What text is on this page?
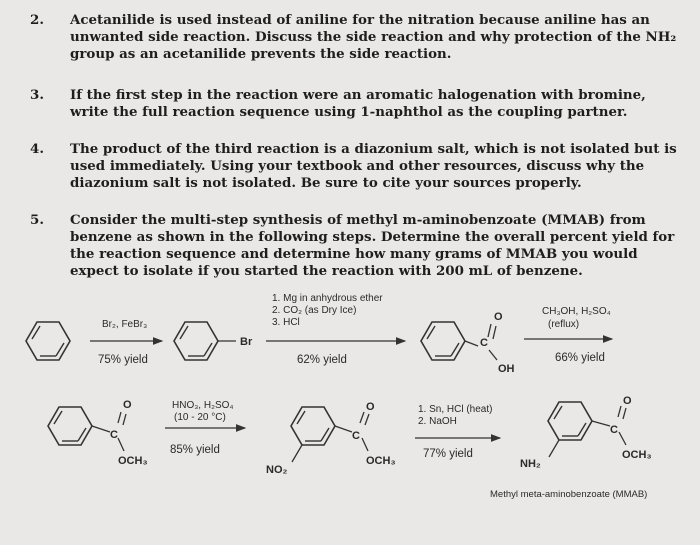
2. Acetanilide is used instead of aniline for the nitration because aniline has an unwanted side reaction. Discuss the side reaction and why protection of the NH₂ group as an acetanilide prevents the side reaction.
3. If the first step in the reaction were an aromatic halogenation with bromine, write the full reaction sequence using 1-naphthol as the coupling partner.
4. The product of the third reaction is a diazonium salt, which is not isolated but is used immediately. Using your textbook and other resources, discuss why the diazonium salt is not isolated. Be sure to cite your sources properly.
5. Consider the multi-step synthesis of methyl m-aminobenzoate (MMAB) from benzene as shown in the following steps. Determine the overall percent yield for the reaction sequence and determine how many grams of MMAB you would expect to isolate if you started the reaction with 200 mL of benzene.
Br₂, FeBr₃
75% yield
Br
1. Mg in anhydrous ether
2. CO₂ (as Dry Ice)
3. HCl
62% yield
C
O
OH
CH₃OH, H₂SO₄
(reflux)
66% yield
C
O
OCH₃
HNO₃, H₂SO₄
(10 - 20 °C)
85% yield
C
O
OCH₃
NO₂
1. Sn, HCl (heat)
2. NaOH
77% yield
C
O
OCH₃
NH₂
Methyl meta-aminobenzoate (MMAB)
